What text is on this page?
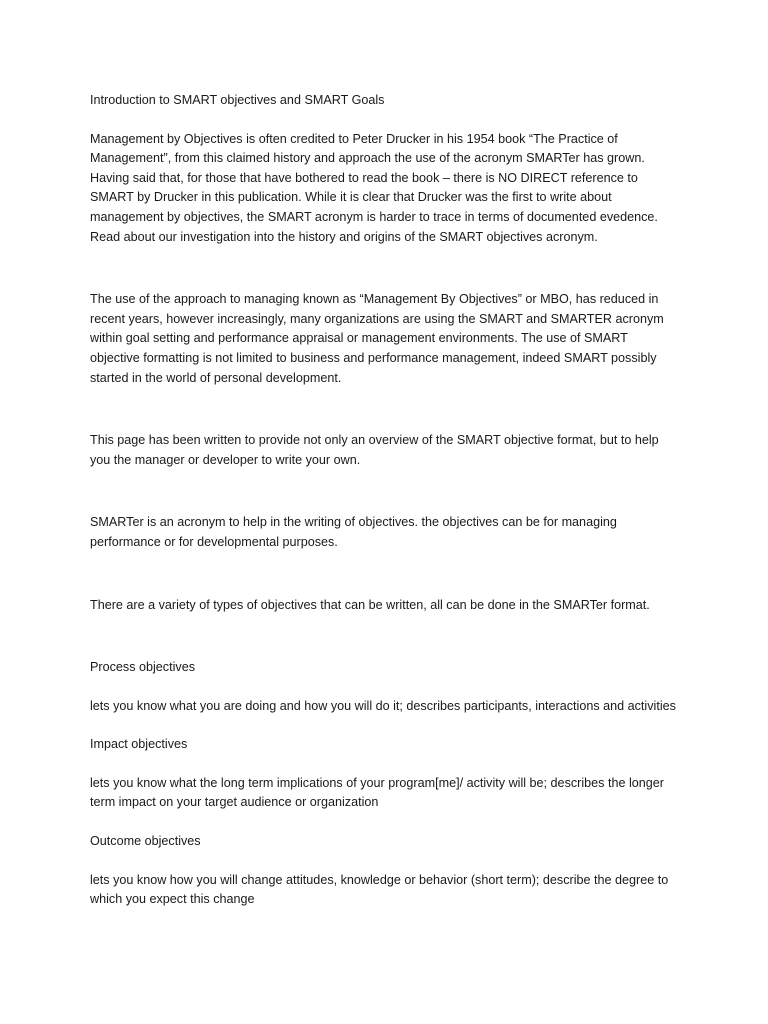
Introduction to SMART objectives and SMART Goals

Management by Objectives is often credited to Peter Drucker in his 1954 book “The Practice of Management”, from this claimed history and approach the use of the acronym SMARTer has grown. Having said that, for those that have bothered to read the book – there is NO DIRECT reference to SMART by Drucker in this publication. While it is clear that Drucker was the first to write about management by objectives, the SMART acronym is harder to trace in terms of documented evedence. Read about our investigation into the history and origins of the SMART objectives acronym.

The use of the approach to managing known as “Management By Objectives” or MBO, has reduced in recent years, however increasingly, many organizations are using the SMART and SMARTER acronym within goal setting and performance appraisal or management environments. The use of SMART objective formatting is not limited to business and performance management, indeed SMART possibly started in the world of personal development.

This page has been written to provide not only an overview of the SMART objective format, but to help you the manager or developer to write your own.

SMARTer is an acronym to help in the writing of objectives. the objectives can be for managing performance or for developmental purposes.

There are a variety of types of objectives that can be written, all can be done in the SMARTer format.

Process objectives

lets you know what you are doing and how you will do it; describes participants, interactions and activities

Impact objectives

lets you know what the long term implications of your program[me]/ activity will be; describes the longer term impact on your target audience or organization

Outcome objectives

lets you know how you will change attitudes, knowledge or behavior (short term); describe the degree to which you expect this change
